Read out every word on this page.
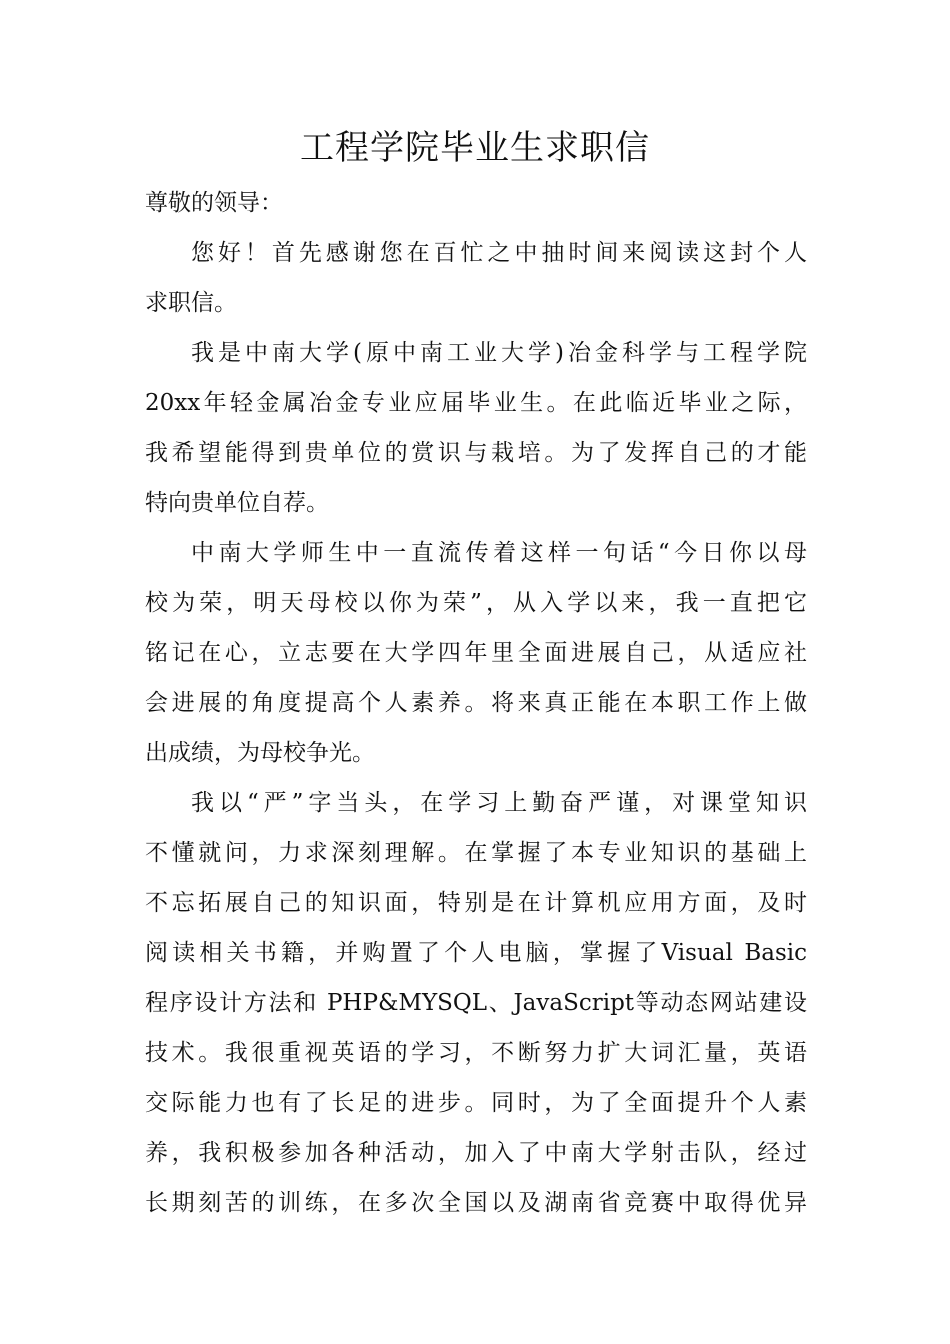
工程学院毕业生求职信

尊敬的领导：

您好！首先感谢您在百忙之中抽时间来阅读这封个人
求职信。

我是中南大学(原中南工业大学)冶金科学与工程学院
20xx年轻金属冶金专业应届毕业生。在此临近毕业之际，
我希望能得到贵单位的赏识与栽培。为了发挥自己的才能
特向贵单位自荐。

中南大学师生中一直流传着这样一句话“今日你以母
校为荣，明天母校以你为荣”，从入学以来，我一直把它
铭记在心，立志要在大学四年里全面进展自己，从适应社
会进展的角度提高个人素养。将来真正能在本职工作上做
出成绩，为母校争光。

我以“严”字当头，在学习上勤奋严谨，对课堂知识
不懂就问，力求深刻理解。在掌握了本专业知识的基础上
不忘拓展自己的知识面，特别是在计算机应用方面，及时
阅读相关书籍，并购置了个人电脑，掌握了Visual Basic
程序设计方法和 PHP&MYSQL、JavaScript等动态网站建设
技术。我很重视英语的学习，不断努力扩大词汇量，英语
交际能力也有了长足的进步。同时，为了全面提升个人素
养，我积极参加各种活动，加入了中南大学射击队，经过
长期刻苦的训练，在多次全国以及湖南省竞赛中取得优异
